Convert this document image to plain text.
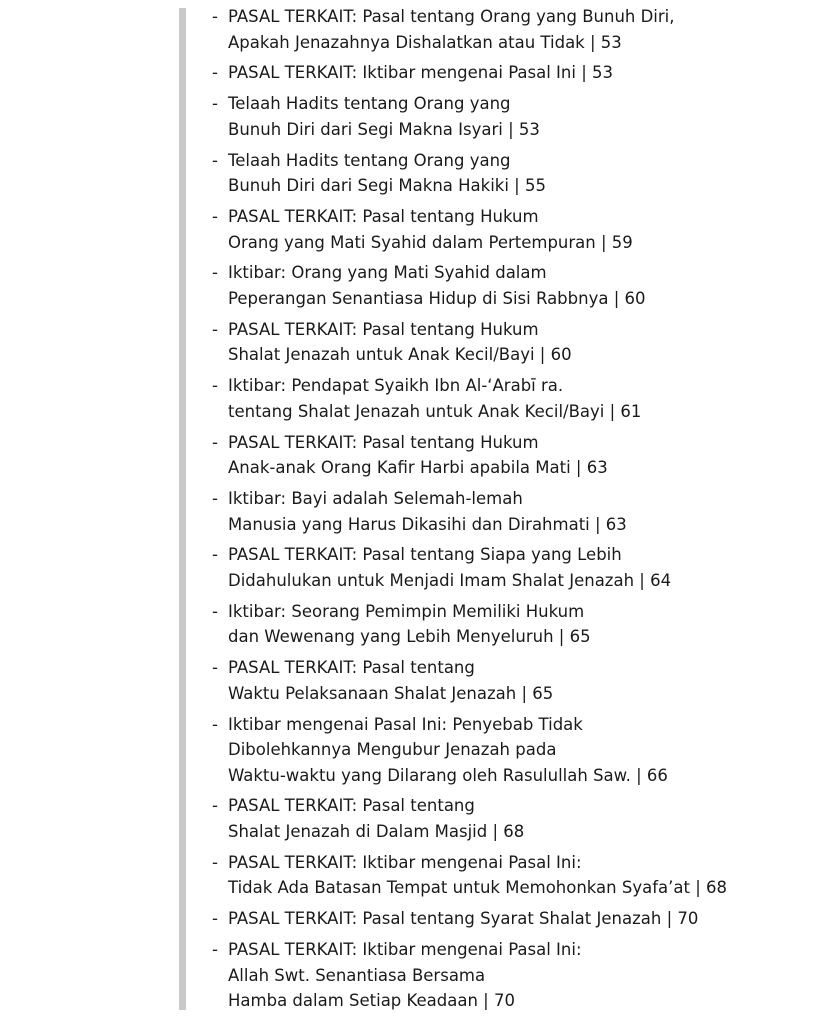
- PASAL TERKAIT: Pasal tentang Orang yang Bunuh Diri,
Apakah Jenazahnya Dishalatkan atau Tidak | 53
- PASAL TERKAIT: Iktibar mengenai Pasal Ini | 53
- Telaah Hadits tentang Orang yang
Bunuh Diri dari Segi Makna Isyari | 53
- Telaah Hadits tentang Orang yang
Bunuh Diri dari Segi Makna Hakiki | 55
- PASAL TERKAIT: Pasal tentang Hukum
Orang yang Mati Syahid dalam Pertempuran | 59
- Iktibar: Orang yang Mati Syahid dalam
Peperangan Senantiasa Hidup di Sisi Rabbnya | 60
- PASAL TERKAIT: Pasal tentang Hukum
Shalat Jenazah untuk Anak Kecil/Bayi | 60
- Iktibar: Pendapat Syaikh Ibn Al-‘Arabī ra.
tentang Shalat Jenazah untuk Anak Kecil/Bayi | 61
- PASAL TERKAIT: Pasal tentang Hukum
Anak-anak Orang Kafir Harbi apabila Mati | 63
- Iktibar: Bayi adalah Selemah-lemah
Manusia yang Harus Dikasihi dan Dirahmati | 63
- PASAL TERKAIT: Pasal tentang Siapa yang Lebih
Didahulukan untuk Menjadi Imam Shalat Jenazah | 64
- Iktibar: Seorang Pemimpin Memiliki Hukum
dan Wewenang yang Lebih Menyeluruh | 65
- PASAL TERKAIT: Pasal tentang
Waktu Pelaksanaan Shalat Jenazah | 65
- Iktibar mengenai Pasal Ini: Penyebab Tidak
Dibolehkannya Mengubur Jenazah pada
Waktu-waktu yang Dilarang oleh Rasulullah Saw. | 66
- PASAL TERKAIT: Pasal tentang
Shalat Jenazah di Dalam Masjid | 68
- PASAL TERKAIT: Iktibar mengenai Pasal Ini:
Tidak Ada Batasan Tempat untuk Memohonkan Syafa’at | 68
- PASAL TERKAIT: Pasal tentang Syarat Shalat Jenazah | 70
- PASAL TERKAIT: Iktibar mengenai Pasal Ini:
Allah Swt. Senantiasa Bersama
Hamba dalam Setiap Keadaan | 70
